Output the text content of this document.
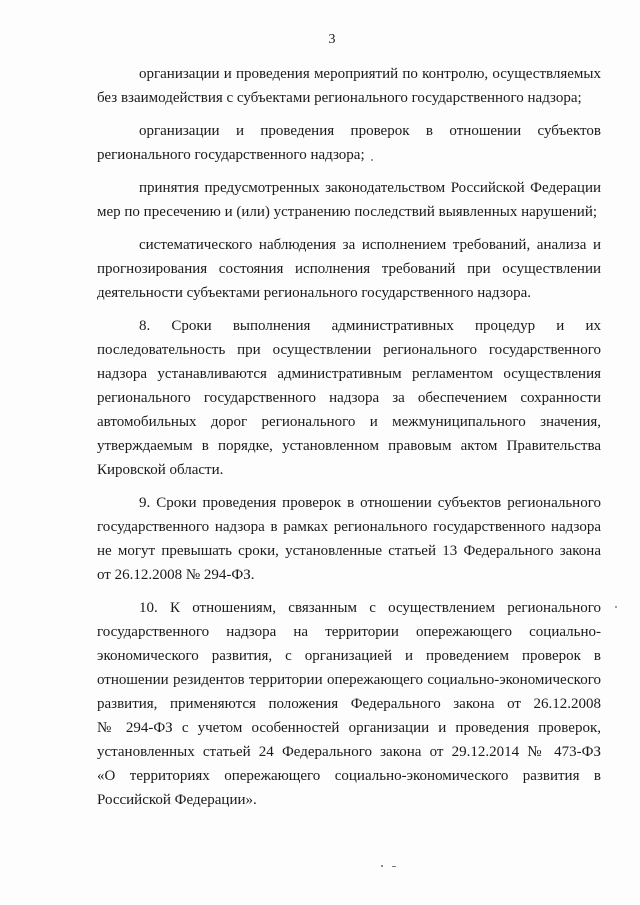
3

организации и проведения мероприятий по контролю, осуществляемых
без взаимодействия с субъектами регионального государственного надзора;

организации и проведения проверок в отношении субъектов
регионального государственного надзора;

принятия предусмотренных законодательством Российской Федерации
мер по пресечению и (или) устранению последствий выявленных нарушений;

систематического наблюдения за исполнением требований, анализа и
прогнозирования состояния исполнения требований при осуществлении
деятельности субъектами регионального государственного надзора.

8. Сроки выполнения административных процедур и их
последовательность при осуществлении регионального государственного
надзора устанавливаются административным регламентом осуществления
регионального государственного надзора за обеспечением сохранности
автомобильных дорог регионального и межмуниципального значения,
утверждаемым в порядке, установленном правовым актом Правительства
Кировской области.

9. Сроки проведения проверок в отношении субъектов регионального
государственного надзора в рамках регионального государственного надзора
не могут превышать сроки, установленные статьей 13 Федерального закона
от 26.12.2008 № 294-ФЗ.

10. К отношениям, связанным с осуществлением регионального
государственного надзора на территории опережающего социально-
экономического развития, с организацией и проведением проверок в
отношении резидентов территории опережающего социально-экономического
развития, применяются положения Федерального закона от 26.12.2008
№ 294-ФЗ с учетом особенностей организации и проведения проверок,
установленных статьей 24 Федерального закона от 29.12.2014 № 473-ФЗ
«О территориях опережающего социально-экономического развития в
Российской Федерации».
